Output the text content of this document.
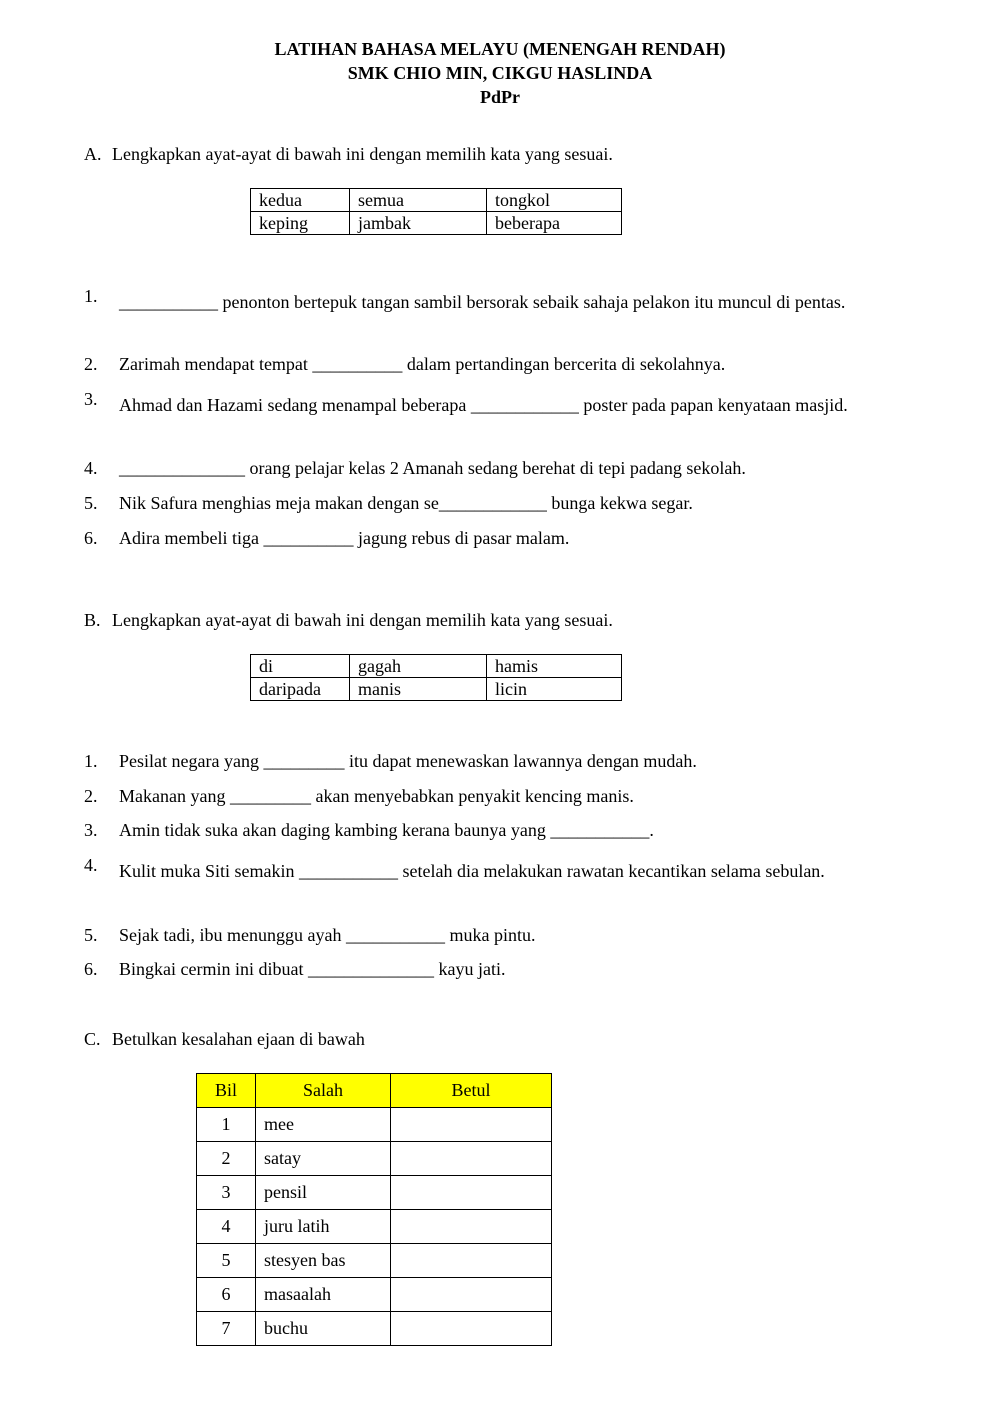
LATIHAN BAHASA MELAYU (MENENGAH RENDAH)
SMK CHIO MIN, CIKGU HASLINDA
PdPr
A. Lengkapkan ayat-ayat di bawah ini dengan memilih kata yang sesuai.
kedua	semua	tongkol
keping	jambak	beberapa
1.	___________ penonton bertepuk tangan sambil bersorak sebaik sahaja pelakon itu muncul di pentas.
2.	Zarimah mendapat tempat __________ dalam pertandingan bercerita di sekolahnya.
3.	Ahmad dan Hazami sedang menampal beberapa ____________ poster pada papan kenyataan masjid.
4.	______________ orang pelajar kelas 2 Amanah sedang berehat di tepi padang sekolah.
5.	Nik Safura menghias meja makan dengan se____________ bunga kekwa segar.
6.	Adira membeli tiga __________ jagung rebus di pasar malam.
B. Lengkapkan ayat-ayat di bawah ini dengan memilih kata yang sesuai.
di	gagah	hamis
daripada	manis	licin
1.	Pesilat negara yang _________ itu dapat menewaskan lawannya dengan mudah.
2.	Makanan yang _________ akan menyebabkan penyakit kencing manis.
3.	Amin tidak suka akan daging kambing kerana baunya yang ___________.
4.	Kulit muka Siti semakin ___________ setelah dia melakukan rawatan kecantikan selama sebulan.
5.	Sejak tadi, ibu menunggu ayah ___________ muka pintu.
6.	Bingkai cermin ini dibuat ______________ kayu jati.
C. Betulkan kesalahan ejaan di bawah
Bil	Salah	Betul
1	mee	
2	satay	
3	pensil	
4	juru latih	
5	stesyen bas	
6	masaalah	
7	buchu	
